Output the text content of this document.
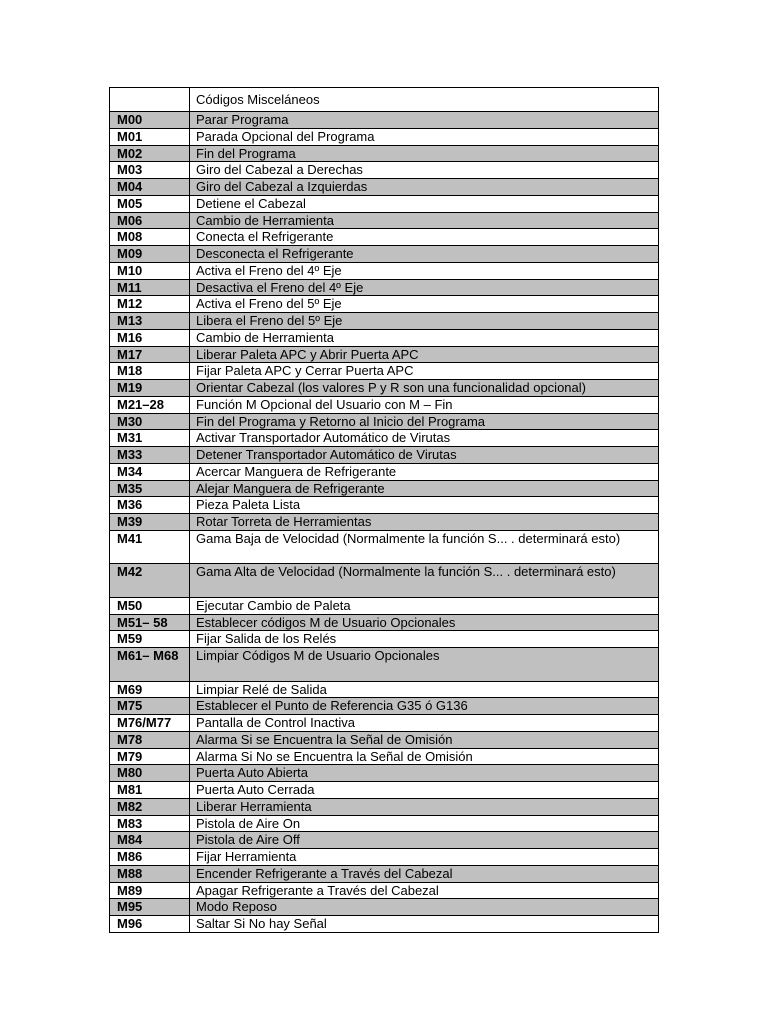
	Códigos Misceláneos
M00	Parar Programa
M01	Parada Opcional del Programa
M02	Fin del Programa
M03	Giro del Cabezal a Derechas
M04	Giro del Cabezal a Izquierdas
M05	Detiene el Cabezal
M06	Cambio de Herramienta
M08	Conecta el Refrigerante
M09	Desconecta el Refrigerante
M10	Activa el Freno del 4º Eje
M11	Desactiva el Freno del 4º Eje
M12	Activa el Freno del 5º Eje
M13	Libera el Freno del 5º Eje
M16	Cambio de Herramienta
M17	Liberar Paleta APC y Abrir Puerta APC
M18	Fijar Paleta APC y Cerrar Puerta APC
M19	Orientar Cabezal (los valores P y R son una funcionalidad opcional)
M21–28	Función M Opcional del Usuario con M – Fin
M30	Fin del Programa y Retorno al Inicio del Programa
M31	Activar Transportador Automático de Virutas
M33	Detener Transportador Automático de Virutas
M34	Acercar Manguera de Refrigerante
M35	Alejar Manguera de Refrigerante
M36	Pieza Paleta Lista
M39	Rotar Torreta de Herramientas
M41	Gama Baja de Velocidad (Normalmente la función S... . determinará esto)
M42	Gama Alta de Velocidad (Normalmente la función S... . determinará esto)
M50	Ejecutar Cambio de Paleta
M51– 58	Establecer códigos M de Usuario Opcionales
M59	Fijar Salida de los Relés
M61– M68	Limpiar Códigos M de Usuario Opcionales
M69	Limpiar Relé de Salida
M75	Establecer el Punto de Referencia G35 ó G136
M76/M77	Pantalla de Control Inactiva
M78	Alarma Si se Encuentra la Señal de Omisión
M79	Alarma Si No se Encuentra la Señal de Omisión
M80	Puerta Auto Abierta
M81	Puerta Auto Cerrada
M82	Liberar Herramienta
M83	Pistola de Aire On
M84	Pistola de Aire Off
M86	Fijar Herramienta
M88	Encender Refrigerante a Través del Cabezal
M89	Apagar Refrigerante a Través del Cabezal
M95	Modo Reposo
M96	Saltar Si No hay Señal
